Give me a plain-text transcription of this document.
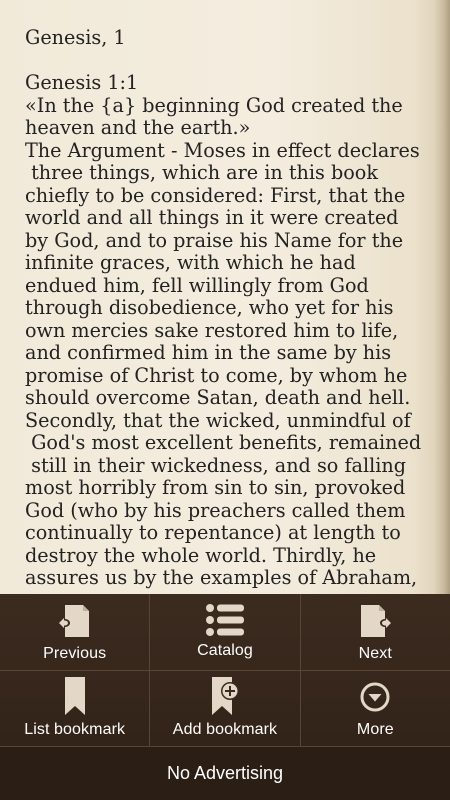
Genesis, 1
Genesis 1:1
«In the {a} beginning God created the
heaven and the earth.»
The Argument - Moses in effect declares
three things, which are in this book
chiefly to be considered: First, that the
world and all things in it were created
by God, and to praise his Name for the
infinite graces, with which he had
endued him, fell willingly from God
through disobedience, who yet for his
own mercies sake restored him to life,
and confirmed him in the same by his
promise of Christ to come, by whom he
should overcome Satan, death and hell.
Secondly, that the wicked, unmindful of
God's most excellent benefits, remained
still in their wickedness, and so falling
most horribly from sin to sin, provoked
God (who by his preachers called them
continually to repentance) at length to
destroy the whole world. Thirdly, he
assures us by the examples of Abraham,
Previous	Catalog	Next
List bookmark	Add bookmark	More
No Advertising
